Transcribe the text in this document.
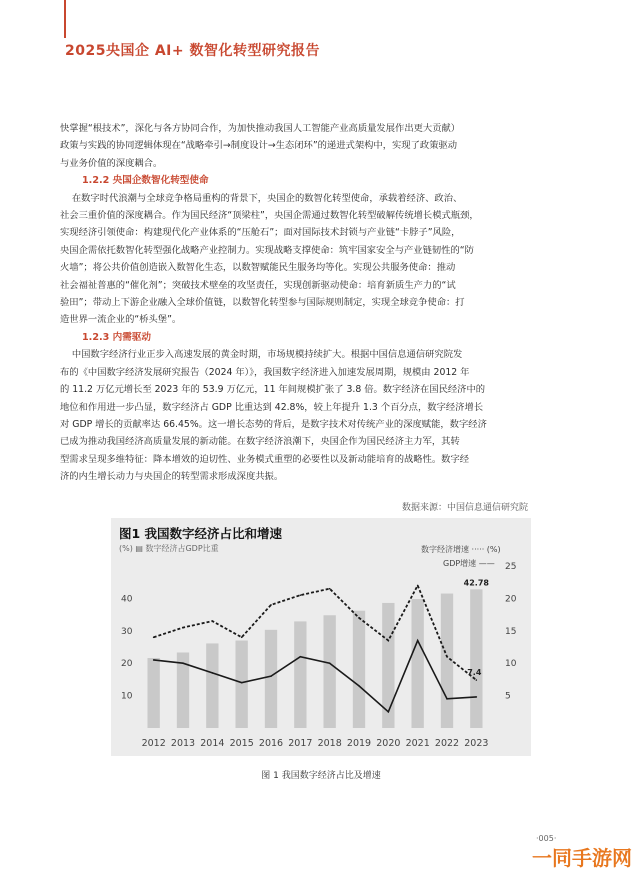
2025央国企 AI+ 数智化转型研究报告

快掌握“根技术”，深化与各方协同合作，为加快推动我国人工智能产业高质量发展作出更大贡献）
政策与实践的协同逻辑体现在“战略牵引→制度设计→生态闭环”的递进式架构中，实现了政策驱动
与业务价值的深度耦合。

1.2.2 央国企数智化转型使命

在数字时代浪潮与全球竞争格局重构的背景下，央国企的数智化转型使命，承载着经济、政治、
社会三重价值的深度耦合。作为国民经济“顶梁柱”，央国企需通过数智化转型破解传统增长模式瓶颈，
实现经济引领使命：构建现代化产业体系的“压舱石”；面对国际技术封锁与产业链“卡脖子”风险，
央国企需依托数智化转型强化战略产业控制力。实现战略支撑使命：筑牢国家安全与产业链韧性的“防
火墙”；将公共价值创造嵌入数智化生态，以数智赋能民生服务均等化。实现公共服务使命：推动
社会福祉普惠的“催化剂”；突破技术壁垒的攻坚责任，实现创新驱动使命：培育新质生产力的“试
验田”；带动上下游企业融入全球价值链，以数智化转型参与国际规则制定，实现全球竞争使命：打
造世界一流企业的“桥头堡”。

1.2.3 内需驱动

中国数字经济行业正步入高速发展的黄金时期，市场规模持续扩大。根据中国信息通信研究院发
布的《中国数字经济发展研究报告（2024 年）》，我国数字经济进入加速发展周期，规模由 2012 年
的 11.2 万亿元增长至 2023 年的 53.9 万亿元，11 年间规模扩张了 3.8 倍。数字经济在国民经济中的
地位和作用进一步凸显，数字经济占 GDP 比重达到 42.8%，较上年提升 1.3 个百分点，数字经济增长
对 GDP 增长的贡献率达 66.45%。这一增长态势的背后，是数字技术对传统产业的深度赋能，数字经济
已成为推动我国经济高质量发展的新动能。在数字经济浪潮下，央国企作为国民经济主力军，其转
型需求呈现多维特征：降本增效的迫切性、业务模式重塑的必要性以及新动能培育的战略性。数字经
济的内生增长动力与央国企的转型需求形成深度共振。

数据来源：中国信息通信研究院
40
30
20
10
25
20
15
10
5
2012 2013 2014 2015 2016 2017 2018 2019 2020 2021 2022 2023
42.78
7.4
图1 我国数字经济占比和增速
(%) ▤ 数字经济占GDP比重	数字经济增速 ····· (%)
GDP增速 ——
图 1 我国数字经济占比及增速
·005·
一同手游网
